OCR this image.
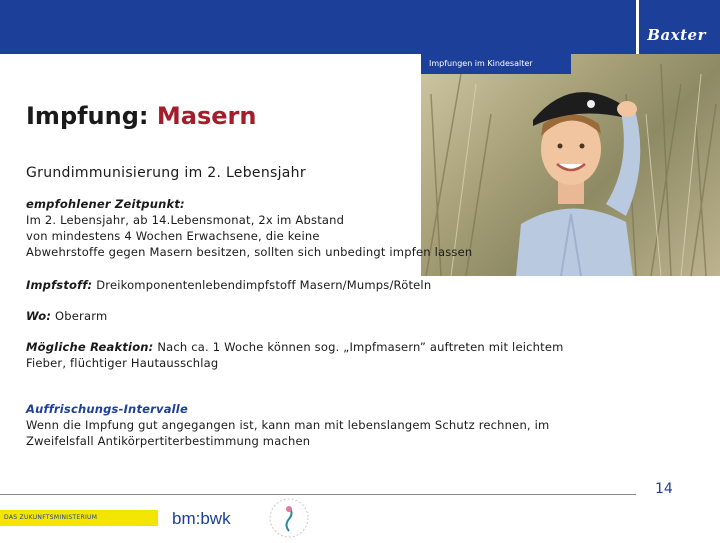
Baxter
Impfungen im Kindesalter
Impfung: Masern
Grundimmunisierung im 2. Lebensjahr
empfohlener Zeitpunkt:
Im 2. Lebensjahr, ab 14.Lebensmonat, 2x im Abstand
von mindestens 4 Wochen Erwachsene, die keine
Abwehrstoffe gegen Masern besitzen, sollten sich unbedingt impfen lassen
Impfstoff: Dreikomponentenlebendimpfstoff Masern/Mumps/Röteln
Wo: Oberarm
Mögliche Reaktion: Nach ca. 1 Woche können sog. „Impfmasern” auftreten mit leichtem
Fieber, flüchtiger Hautausschlag
Auffrischungs-Intervalle
Wenn die Impfung gut angegangen ist, kann man mit lebenslangem Schutz rechnen, im
Zweifelsfall Antikörpertiterbestimmung machen
14
DAS ZUKUNFTSMINISTERIUM	bm:bwk
